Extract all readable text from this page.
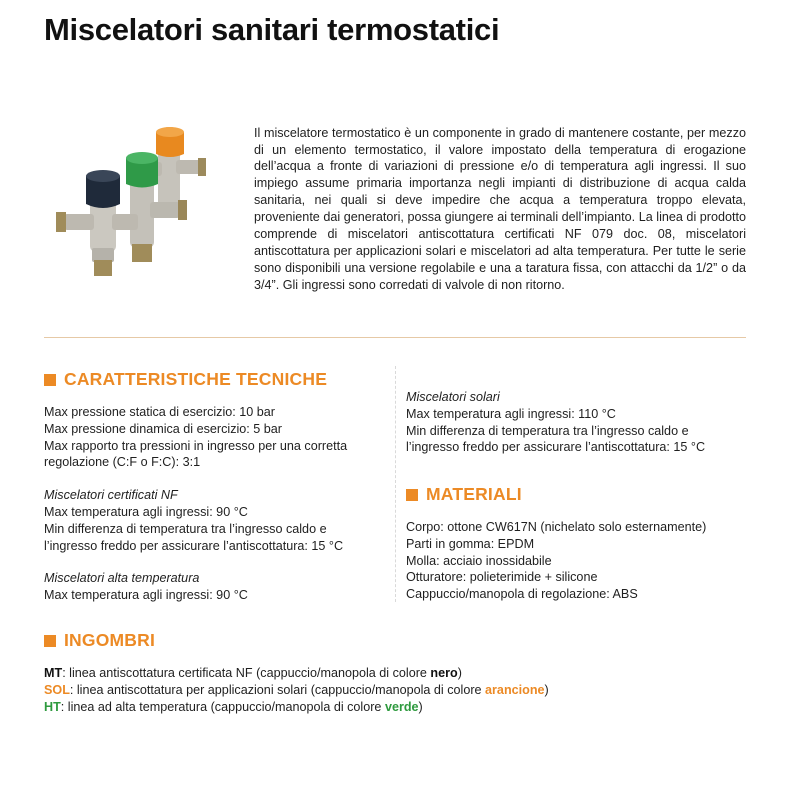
Miscelatori sanitari termostatici

Il miscelatore termostatico è un componente in grado di mantenere costante, per mezzo di un elemento termostatico, il valore impostato della temperatura di erogazione dell’acqua a fronte di variazioni di pressione e/o di temperatura agli ingressi. Il suo impiego assume primaria importanza negli impianti di distribuzione di acqua calda sanitaria, nei quali si deve impedire che acqua a temperatura troppo elevata, proveniente dai generatori, possa giungere ai terminali dell’impianto. La linea di prodotto comprende di miscelatori antiscottatura certificati NF 079 doc. 08, miscelatori antiscottatura per applicazioni solari e miscelatori ad alta temperatura. Per tutte le serie sono disponibili una versione regolabile e una a taratura fissa, con attacchi da 1/2” o da 3/4”. Gli ingressi sono corredati di valvole di non ritorno.

CARATTERISTICHE TECNICHE

Max pressione statica di esercizio: 10 bar

Max pressione dinamica di esercizio: 5 bar

Max rapporto tra pressioni in ingresso per una corretta

regolazione (C:F o F:C): 3:1

Miscelatori certificati NF

Max temperatura agli ingressi: 90 °C

Min differenza di temperatura tra l’ingresso caldo e

l’ingresso freddo per assicurare l’antiscottatura: 15 °C

Miscelatori alta temperatura

Max temperatura agli ingressi: 90 °C

Miscelatori solari

Max temperatura agli ingressi: 110 °C

Min differenza di temperatura tra l’ingresso caldo e

l’ingresso freddo per assicurare l’antiscottatura: 15 °C

MATERIALI

Corpo: ottone CW617N (nichelato solo esternamente)

Parti in gomma: EPDM

Molla: acciaio inossidabile

Otturatore: polieterimide + silicone

Cappuccio/manopola di regolazione: ABS

INGOMBRI

MT: linea antiscottatura certificata NF (cappuccio/manopola di colore nero)

SOL: linea antiscottatura per applicazioni solari (cappuccio/manopola di colore arancione)

HT: linea ad alta temperatura (cappuccio/manopola di colore verde)
